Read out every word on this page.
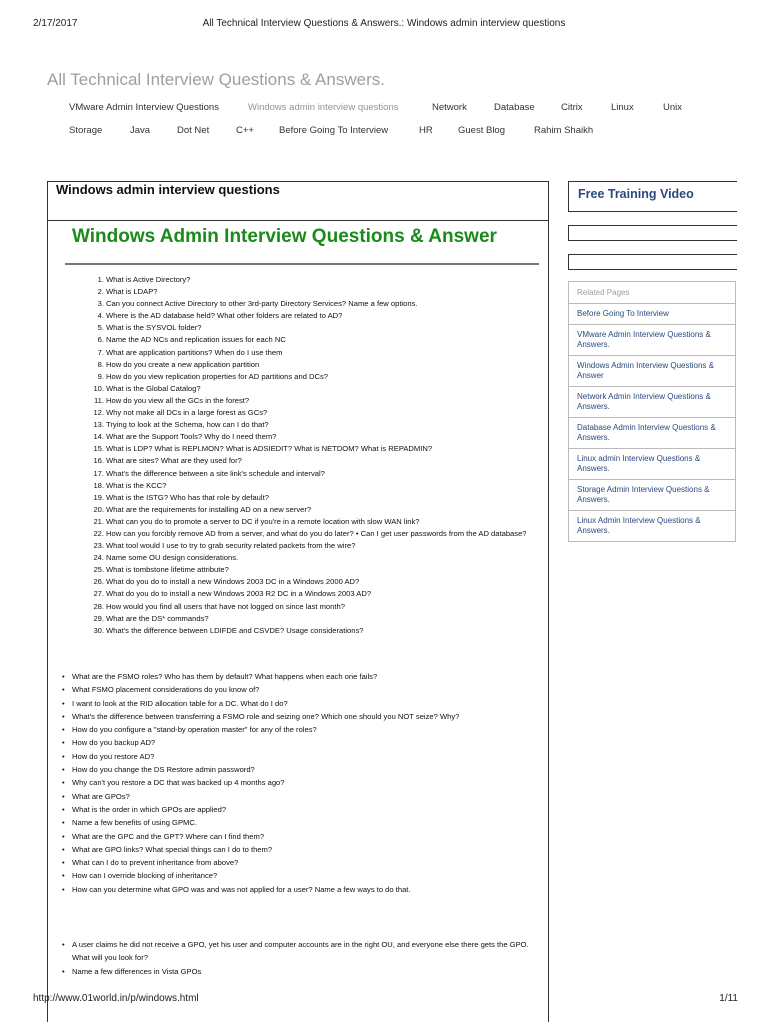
2/17/2017	All Technical Interview Questions & Answers.: Windows admin interview questions
All Technical Interview Questions & Answers.
VMware Admin Interview Questions	Windows admin interview questions	Network	Database	Citrix	Linux	Unix
Storage	Java	Dot Net	C++	Before Going To Interview	HR	Guest Blog	Rahim Shaikh
Windows admin interview questions
Windows Admin Interview Questions & Answer
1. What is Active Directory?
2. What is LDAP?
3. Can you connect Active Directory to other 3rd-party Directory Services? Name a few options.
4. Where is the AD database held? What other folders are related to AD?
5. What is the SYSVOL folder?
6. Name the AD NCs and replication issues for each NC
7. What are application partitions? When do I use them
8. How do you create a new application partition
9. How do you view replication properties for AD partitions and DCs?
10. What is the Global Catalog?
11. How do you view all the GCs in the forest?
12. Why not make all DCs in a large forest as GCs?
13. Trying to look at the Schema, how can I do that?
14. What are the Support Tools? Why do I need them?
15. What is LDP? What is REPLMON? What is ADSIEDIT? What is NETDOM? What is REPADMIN?
16. What are sites? What are they used for?
17. What's the difference between a site link's schedule and interval?
18. What is the KCC?
19. What is the ISTG? Who has that role by default?
20. What are the requirements for installing AD on a new server?
21. What can you do to promote a server to DC if you're in a remote location with slow WAN link?
22. How can you forcibly remove AD from a server, and what do you do later? • Can I get user passwords from the AD database?
23. What tool would I use to try to grab security related packets from the wire?
24. Name some OU design considerations.
25. What is tombstone lifetime attribute?
26. What do you do to install a new Windows 2003 DC in a Windows 2000 AD?
27. What do you do to install a new Windows 2003 R2 DC in a Windows 2003 AD?
28. How would you find all users that have not logged on since last month?
29. What are the DS* commands?
30. What's the difference between LDIFDE and CSVDE? Usage considerations?
• What are the FSMO roles? Who has them by default? What happens when each one fails?
• What FSMO placement considerations do you know of?
• I want to look at the RID allocation table for a DC. What do I do?
• What's the difference between transferring a FSMO role and seizing one? Which one should you NOT seize? Why?
• How do you configure a "stand-by operation master" for any of the roles?
• How do you backup AD?
• How do you restore AD?
• How do you change the DS Restore admin password?
• Why can't you restore a DC that was backed up 4 months ago?
• What are GPOs?
• What is the order in which GPOs are applied?
• Name a few benefits of using GPMC.
• What are the GPC and the GPT? Where can I find them?
• What are GPO links? What special things can I do to them?
• What can I do to prevent inheritance from above?
• How can I override blocking of inheritance?
• How can you determine what GPO was and was not applied for a user? Name a few ways to do that.
• A user claims he did not receive a GPO, yet his user and computer accounts are in the right OU, and everyone else there gets the GPO. What will you look for?
• Name a few differences in Vista GPOs
Free Training Video
Related Pages
Before Going To Interview
VMware Admin Interview Questions & Answers.
Windows Admin Interview Questions & Answer
Network Admin Interview Questions & Answers.
Database Admin Interview Questions & Answers.
Linux admin Interview Questions & Answers.
Storage Admin Interview Questions & Answers.
Linux Admin Interview Questions & Answers.
http://www.01world.in/p/windows.html	1/11
